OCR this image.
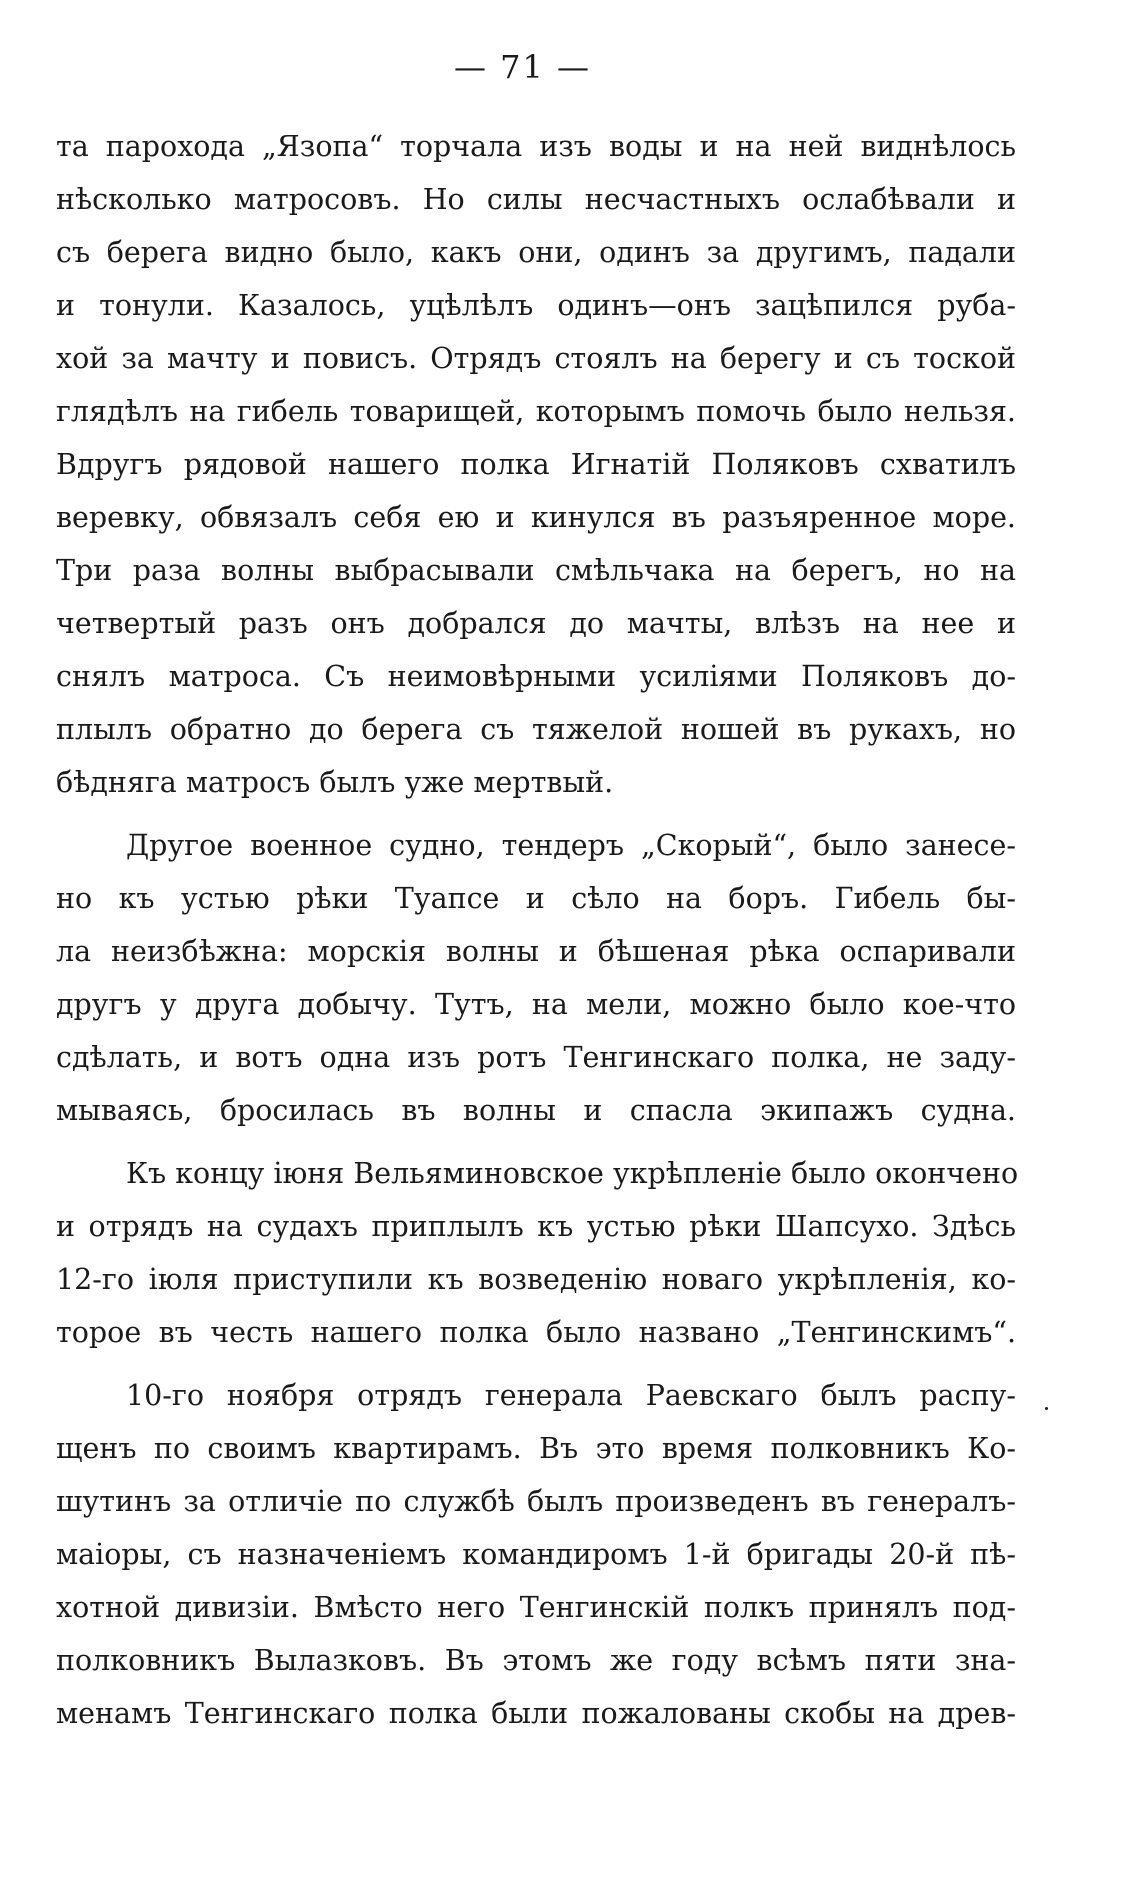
— 71 —
та парохода „Язопа“ торчала изъ воды и на ней виднѣлось
нѣсколько матросовъ. Но силы несчастныхъ ослабѣвали и
съ берега видно было, какъ они, одинъ за другимъ, падали
и тонули. Казалось, уцѣлѣлъ одинъ—онъ зацѣпился руба-
хой за мачту и повисъ. Отрядъ стоялъ на берегу и съ тоской
глядѣлъ на гибель товарищей, которымъ помочь было нельзя.
Вдругъ рядовой нашего полка Игнатій Поляковъ схватилъ
веревку, обвязалъ себя ею и кинулся въ разъяренное море.
Три раза волны выбрасывали смѣльчака на берегъ, но на
четвертый разъ онъ добрался до мачты, влѣзъ на нее и
снялъ матроса. Съ неимовѣрными усиліями Поляковъ до-
плылъ обратно до берега съ тяжелой ношей въ рукахъ, но
бѣдняга матросъ былъ уже мертвый.
Другое военное судно, тендеръ „Скорый“, было занесе-
но къ устью рѣки Туапсе и сѣло на боръ. Гибель бы-
ла неизбѣжна: морскія волны и бѣшеная рѣка оспаривали
другъ у друга добычу. Тутъ, на мели, можно было кое-что
сдѣлать, и вотъ одна изъ ротъ Тенгинскаго полка, не заду-
мываясь, бросилась въ волны и спасла экипажъ судна.
Къ концу іюня Вельяминовское укрѣпленіе было окончено
и отрядъ на судахъ приплылъ къ устью рѣки Шапсухо. Здѣсь
12-го іюля приступили къ возведенію новаго укрѣпленія, ко-
торое въ честь нашего полка было названо „Тенгинскимъ“.
10-го ноября отрядъ генерала Раевскаго былъ распу-
щенъ по своимъ квартирамъ. Въ это время полковникъ Ко-
шутинъ за отличіе по службѣ былъ произведенъ въ генералъ-
маіоры, съ назначеніемъ командиромъ 1-й бригады 20-й пѣ-
хотной дивизіи. Вмѣсто него Тенгинскій полкъ принялъ под-
полковникъ Вылазковъ. Въ этомъ же году всѣмъ пяти зна-
менамъ Тенгинскаго полка были пожалованы скобы на древ-
